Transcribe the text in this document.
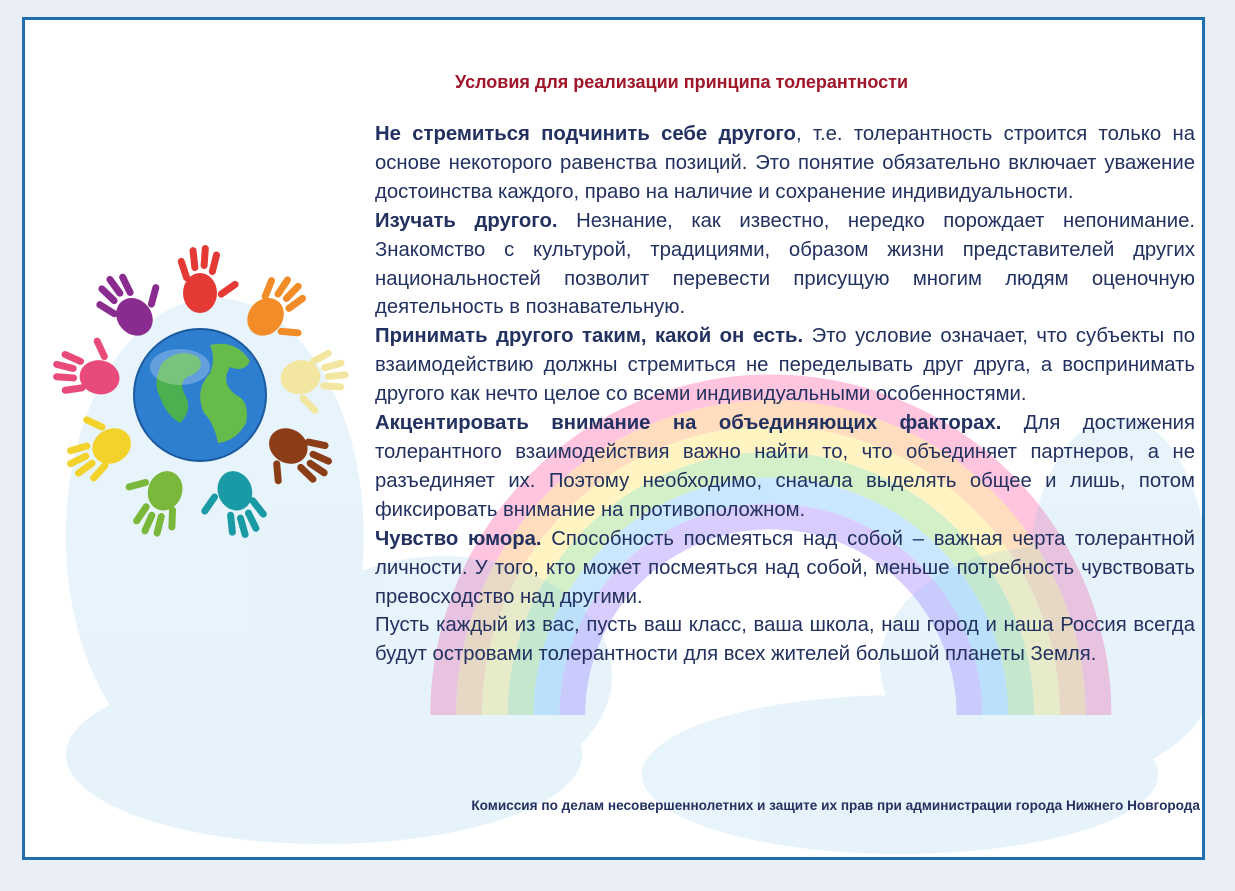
Условия для реализации принципа толерантности

Не стремиться подчинить себе другого, т.е. толерантность строится только на основе некоторого равенства позиций. Это понятие обязательно включает уважение достоинства каждого, право на наличие и сохранение индивидуальности.

Изучать другого. Незнание, как известно, нередко порождает непонимание. Знакомство с культурой, традициями, образом жизни представителей других национальностей позволит перевести присущую многим людям оценочную деятельность в познавательную.

Принимать другого таким, какой он есть. Это условие означает, что субъекты по взаимодействию должны стремиться не переделывать друг друга, а воспринимать другого как нечто целое со всеми индивидуальными особенностями.

Акцентировать внимание на объединяющих факторах. Для достижения толерантного взаимодействия важно найти то, что объединяет партнеров, а не разъединяет их. Поэтому необходимо, сначала выделять общее и лишь, потом фиксировать внимание на противоположном.

Чувство юмора. Способность посмеяться над собой – важная черта толерантной личности. У того, кто может посмеяться над собой, меньше потребность чувствовать превосходство над другими.

Пусть каждый из вас, пусть ваш класс, ваша школа, наш город и наша Россия всегда будут островами толерантности для всех жителей большой планеты Земля.

Комиссия по делам несовершеннолетних и защите их прав при администрации города Нижнего Новгорода
